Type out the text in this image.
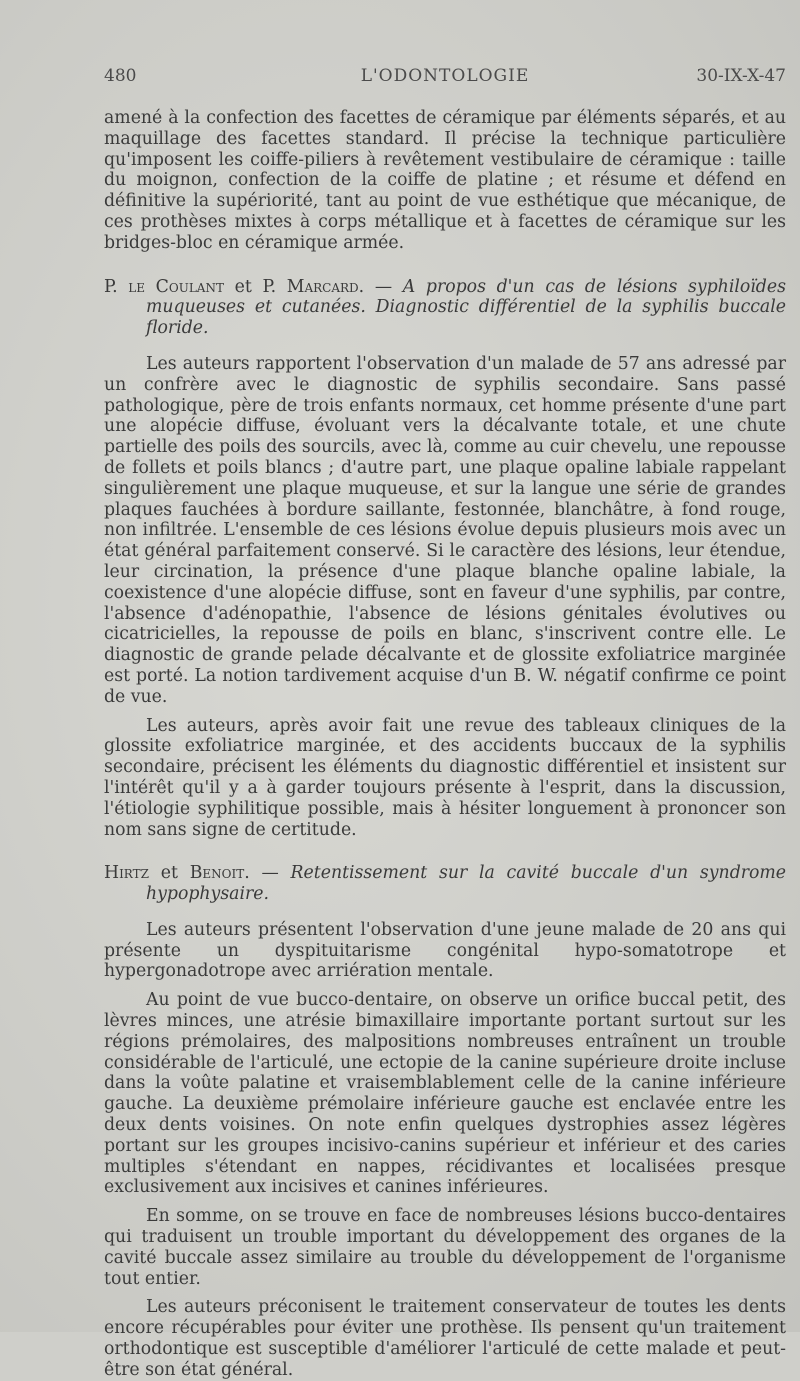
480	L'ODONTOLOGIE	30-IX-X-47

amené à la confection des facettes de céramique par éléments séparés, et au maquillage des facettes standard. Il précise la technique particulière qu'imposent les coiffe-piliers à revêtement vestibulaire de céramique : taille du moignon, confection de la coiffe de platine ; et résume et défend en définitive la supériorité, tant au point de vue esthétique que mécanique, de ces prothèses mixtes à corps métallique et à facettes de céramique sur les bridges-bloc en céramique armée.

P. le Coulant et P. Marcard. — A propos d'un cas de lésions syphiloïdes muqueuses et cutanées. Diagnostic différentiel de la syphilis buccale floride.

Les auteurs rapportent l'observation d'un malade de 57 ans adressé par un confrère avec le diagnostic de syphilis secondaire. Sans passé pathologique, père de trois enfants normaux, cet homme présente d'une part une alopécie diffuse, évoluant vers la décalvante totale, et une chute partielle des poils des sourcils, avec là, comme au cuir chevelu, une repousse de follets et poils blancs ; d'autre part, une plaque opaline labiale rappelant singulièrement une plaque muqueuse, et sur la langue une série de grandes plaques fauchées à bordure saillante, festonnée, blanchâtre, à fond rouge, non infiltrée. L'ensemble de ces lésions évolue depuis plusieurs mois avec un état général parfaitement conservé. Si le caractère des lésions, leur étendue, leur circination, la présence d'une plaque blanche opaline labiale, la coexistence d'une alopécie diffuse, sont en faveur d'une syphilis, par contre, l'absence d'adénopathie, l'absence de lésions génitales évolutives ou cicatricielles, la repousse de poils en blanc, s'inscrivent contre elle. Le diagnostic de grande pelade décalvante et de glossite exfoliatrice marginée est porté. La notion tardivement acquise d'un B. W. négatif confirme ce point de vue.

Les auteurs, après avoir fait une revue des tableaux cliniques de la glossite exfoliatrice marginée, et des accidents buccaux de la syphilis secondaire, précisent les éléments du diagnostic différentiel et insistent sur l'intérêt qu'il y a à garder toujours présente à l'esprit, dans la discussion, l'étiologie syphilitique possible, mais à hésiter longuement à prononcer son nom sans signe de certitude.

Hirtz et Benoit. — Retentissement sur la cavité buccale d'un syndrome hypophysaire.

Les auteurs présentent l'observation d'une jeune malade de 20 ans qui présente un dyspituitarisme congénital hypo-somatotrope et hypergonadotrope avec arriération mentale.

Au point de vue bucco-dentaire, on observe un orifice buccal petit, des lèvres minces, une atrésie bimaxillaire importante portant surtout sur les régions prémolaires, des malpositions nombreuses entraînent un trouble considérable de l'articulé, une ectopie de la canine supérieure droite incluse dans la voûte palatine et vraisemblablement celle de la canine inférieure gauche. La deuxième prémolaire inférieure gauche est enclavée entre les deux dents voisines. On note enfin quelques dystrophies assez légères portant sur les groupes incisivo-canins supérieur et inférieur et des caries multiples s'étendant en nappes, récidivantes et localisées presque exclusivement aux incisives et canines inférieures.

En somme, on se trouve en face de nombreuses lésions bucco-dentaires qui traduisent un trouble important du développement des organes de la cavité buccale assez similaire au trouble du développement de l'organisme tout entier.

Les auteurs préconisent le traitement conservateur de toutes les dents encore récupérables pour éviter une prothèse. Ils pensent qu'un traitement orthodontique est susceptible d'améliorer l'articulé de cette malade et peut-être son état général.
